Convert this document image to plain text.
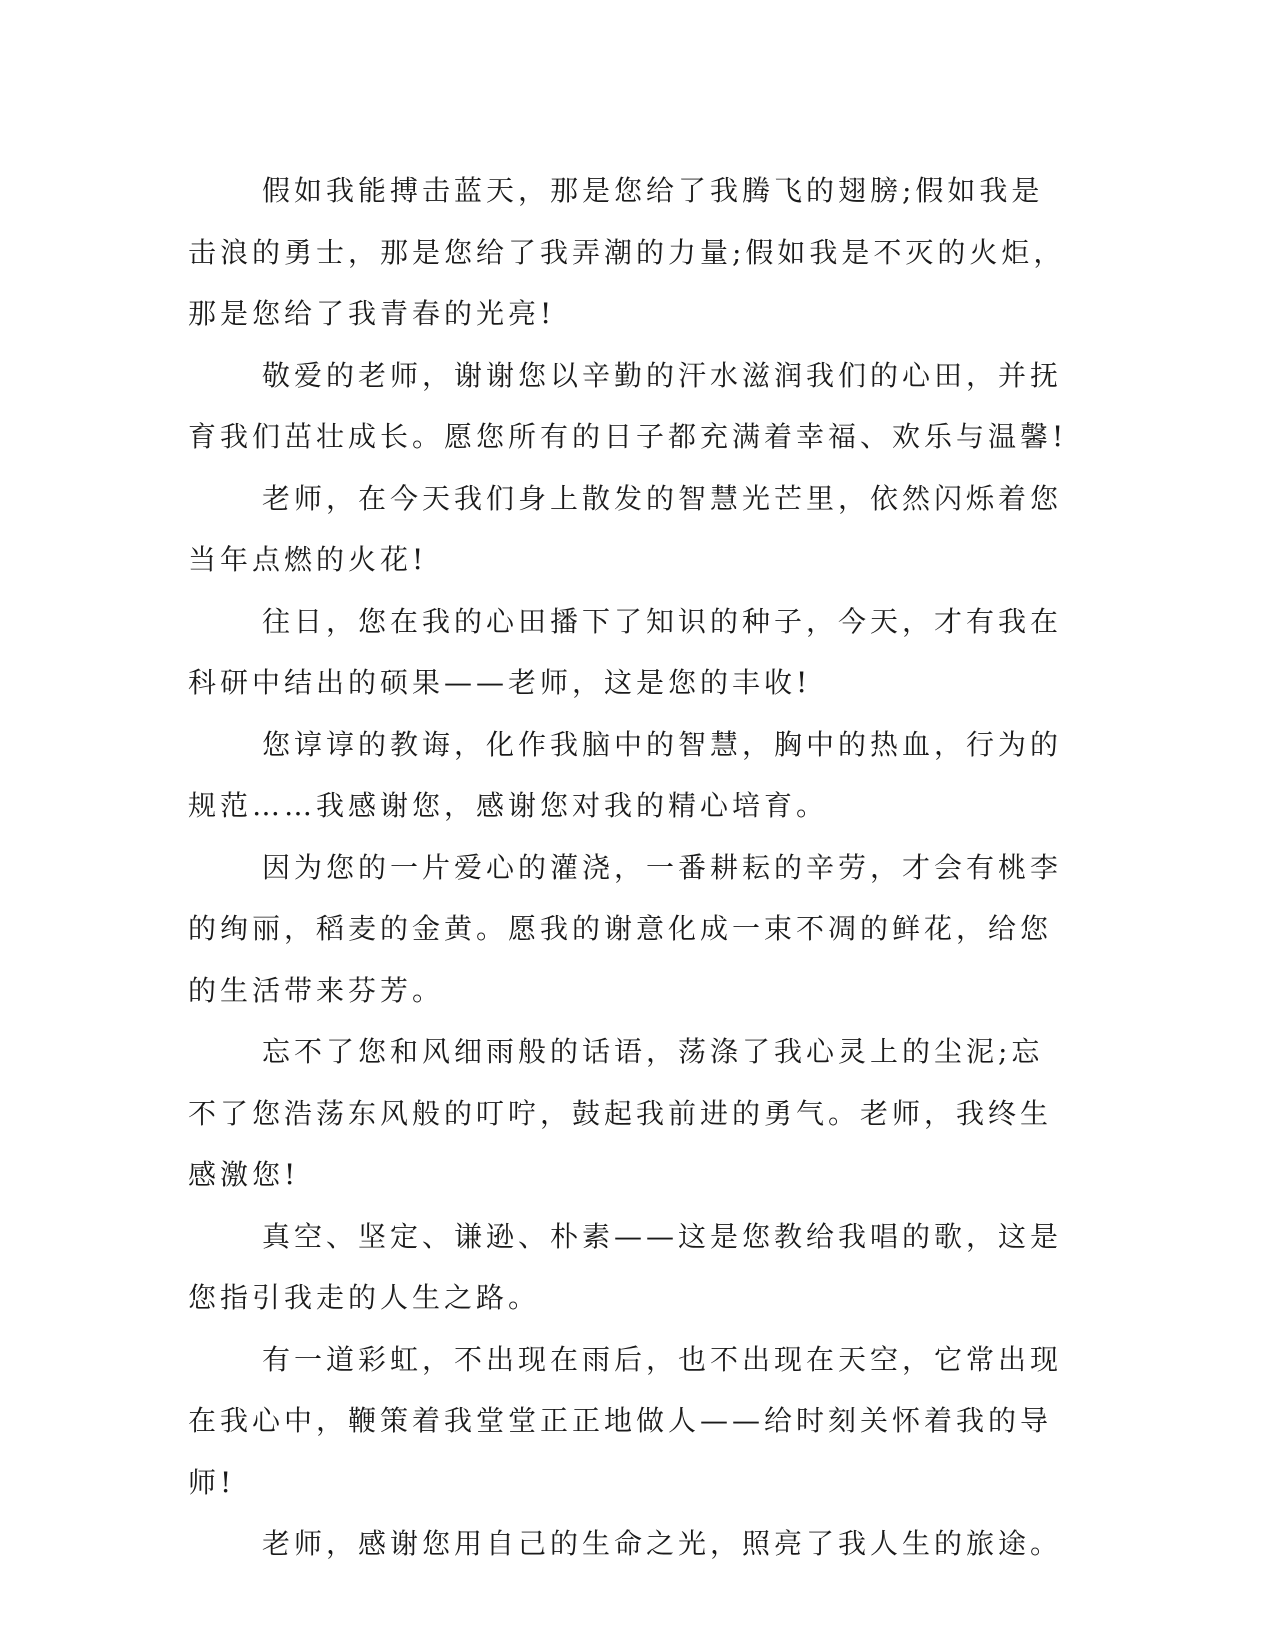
假如我能搏击蓝天，那是您给了我腾飞的翅膀;假如我是击浪的勇士，那是您给了我弄潮的力量;假如我是不灭的火炬，那是您给了我青春的光亮!

敬爱的老师，谢谢您以辛勤的汗水滋润我们的心田，并抚育我们茁壮成长。愿您所有的日子都充满着幸福、欢乐与温馨!

老师，在今天我们身上散发的智慧光芒里，依然闪烁着您当年点燃的火花!

往日，您在我的心田播下了知识的种子，今天，才有我在科研中结出的硕果——老师，这是您的丰收!

您谆谆的教诲，化作我脑中的智慧，胸中的热血，行为的规范……我感谢您，感谢您对我的精心培育。

因为您的一片爱心的灌浇，一番耕耘的辛劳，才会有桃李的绚丽，稻麦的金黄。愿我的谢意化成一束不凋的鲜花，给您的生活带来芬芳。

忘不了您和风细雨般的话语，荡涤了我心灵上的尘泥;忘不了您浩荡东风般的叮咛，鼓起我前进的勇气。老师，我终生感激您!

真空、坚定、谦逊、朴素——这是您教给我唱的歌，这是您指引我走的人生之路。

有一道彩虹，不出现在雨后，也不出现在天空，它常出现在我心中，鞭策着我堂堂正正地做人——给时刻关怀着我的导师!

老师，感谢您用自己的生命之光，照亮了我人生的旅途。
